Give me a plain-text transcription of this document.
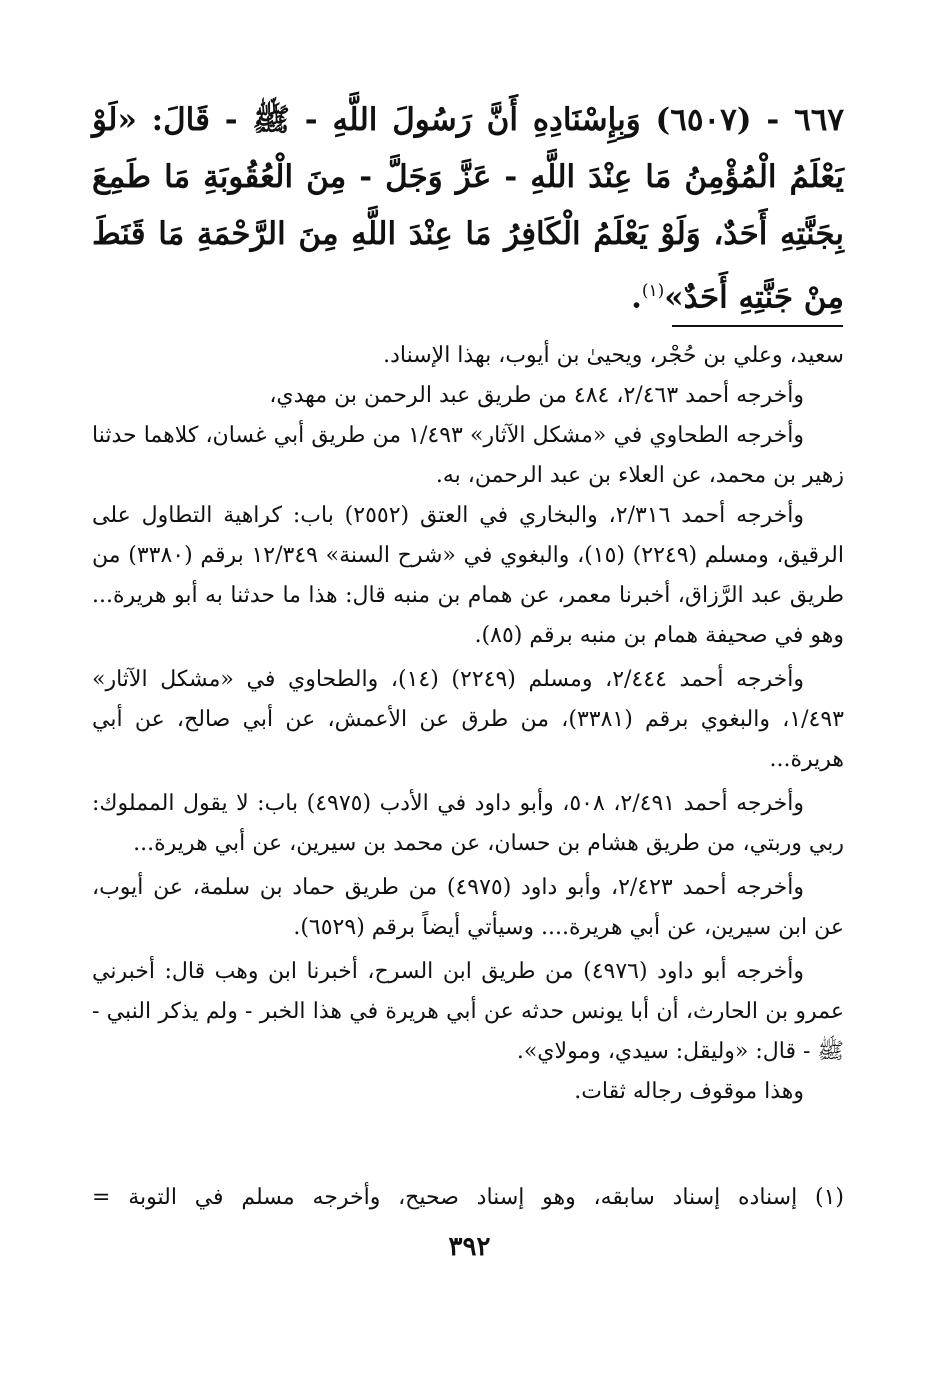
٦٦٧ - (٦٥٠٧) وَبِإِسْنَادِهِ أَنَّ رَسُولَ اللَّهِ - ﷺ - قَالَ: «لَوْ يَعْلَمُ الْمُؤْمِنُ مَا عِنْدَ اللَّهِ - عَزَّ وَجَلَّ - مِنَ الْعُقُوبَةِ مَا طَمِعَ بِجَنَّتِهِ أَحَدٌ، وَلَوْ يَعْلَمُ الْكَافِرُ مَا عِنْدَ اللَّهِ مِنَ الرَّحْمَةِ مَا قَنَطَ مِنْ جَنَّتِهِ أَحَدٌ»$^{(١)}$.

سعيد، وعلي بن حُجْر، ويحيىٰ بن أيوب، بهذا الإسناد.

وأخرجه أحمد ٢/٤٦٣، ٤٨٤ من طريق عبد الرحمن بن مهدي،

وأخرجه الطحاوي في «مشكل الآثار» ١/٤٩٣ من طريق أبي غسان، كلاهما حدثنا زهير بن محمد، عن العلاء بن عبد الرحمن، به.

وأخرجه أحمد ٢/٣١٦، والبخاري في العتق (٢٥٥٢) باب: كراهية التطاول على الرقيق، ومسلم (٢٢٤٩) (١٥)، والبغوي في «شرح السنة» ١٢/٣٤٩ برقم (٣٣٨٠) من طريق عبد الرَّزاق، أخبرنا معمر، عن همام بن منبه قال: هذا ما حدثنا به أبو هريرة... وهو في صحيفة همام بن منبه برقم (٨٥).

وأخرجه أحمد ٢/٤٤٤، ومسلم (٢٢٤٩) (١٤)، والطحاوي في «مشكل الآثار» ١/٤٩٣، والبغوي برقم (٣٣٨١)، من طرق عن الأعمش، عن أبي صالح، عن أبي هريرة...

وأخرجه أحمد ٢/٤٩١، ٥٠٨، وأبو داود في الأدب (٤٩٧٥) باب: لا يقول المملوك: ربي وربتي، من طريق هشام بن حسان، عن محمد بن سيرين، عن أبي هريرة...

وأخرجه أحمد ٢/٤٢٣، وأبو داود (٤٩٧٥) من طريق حماد بن سلمة، عن أيوب، عن ابن سيرين، عن أبي هريرة.... وسيأتي أيضاً برقم (٦٥٢٩).

وأخرجه أبو داود (٤٩٧٦) من طريق ابن السرح، أخبرنا ابن وهب قال: أخبرني عمرو بن الحارث، أن أبا يونس حدثه عن أبي هريرة في هذا الخبر - ولم يذكر النبي - ﷺ - قال: «وليقل: سيدي، ومولاي».

وهذا موقوف رجاله ثقات.

(١) إسناده إسناد سابقه، وهو إسناد صحيح، وأخرجه مسلم في التوبة =
٣٩٢
